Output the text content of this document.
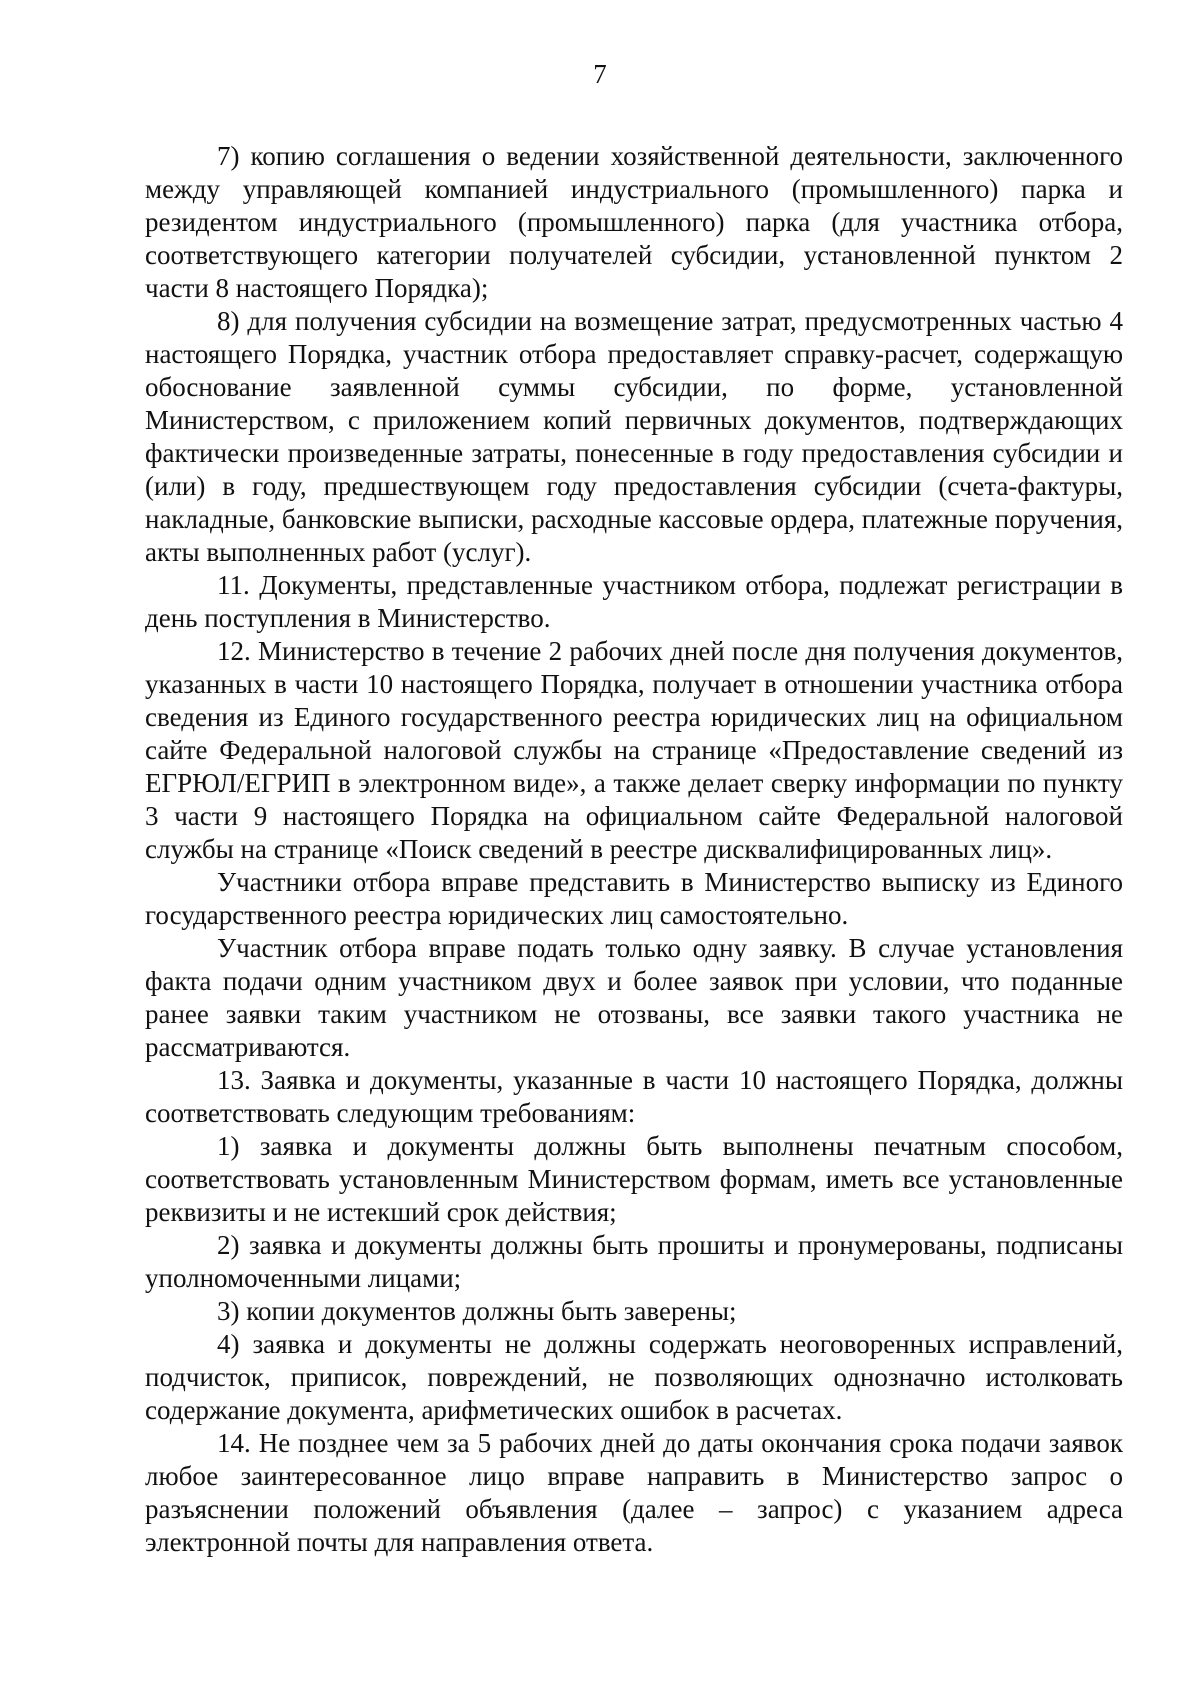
7

7) копию соглашения о ведении хозяйственной деятельности, заключенного между управляющей компанией индустриального (промышленного) парка и резидентом индустриального (промышленного) парка (для участника отбора, соответствующего категории получателей субсидии, установленной пунктом 2 части 8 настоящего Порядка);

8) для получения субсидии на возмещение затрат, предусмотренных частью 4 настоящего Порядка, участник отбора предоставляет справку-расчет, содержащую обоснование заявленной суммы субсидии, по форме, установленной Министерством, с приложением копий первичных документов, подтверждающих фактически произведенные затраты, понесенные в году предоставления субсидии и (или) в году, предшествующем году предоставления субсидии (счета-фактуры, накладные, банковские выписки, расходные кассовые ордера, платежные поручения, акты выполненных работ (услуг).

11. Документы, представленные участником отбора, подлежат регистрации в день поступления в Министерство.

12. Министерство в течение 2 рабочих дней после дня получения документов, указанных в части 10 настоящего Порядка, получает в отношении участника отбора сведения из Единого государственного реестра юридических лиц на официальном сайте Федеральной налоговой службы на странице «Предоставление сведений из ЕГРЮЛ/ЕГРИП в электронном виде», а также делает сверку информации по пункту 3 части 9 настоящего Порядка на официальном сайте Федеральной налоговой службы на странице «Поиск сведений в реестре дисквалифицированных лиц».

Участники отбора вправе представить в Министерство выписку из Единого государственного реестра юридических лиц самостоятельно.

Участник отбора вправе подать только одну заявку. В случае установления факта подачи одним участником двух и более заявок при условии, что поданные ранее заявки таким участником не отозваны, все заявки такого участника не рассматриваются.

13. Заявка и документы, указанные в части 10 настоящего Порядка, должны соответствовать следующим требованиям:

1) заявка и документы должны быть выполнены печатным способом, соответствовать установленным Министерством формам, иметь все установленные реквизиты и не истекший срок действия;

2) заявка и документы должны быть прошиты и пронумерованы, подписаны уполномоченными лицами;

3) копии документов должны быть заверены;

4) заявка и документы не должны содержать неоговоренных исправлений, подчисток, приписок, повреждений, не позволяющих однозначно истолковать содержание документа, арифметических ошибок в расчетах.

14. Не позднее чем за 5 рабочих дней до даты окончания срока подачи заявок любое заинтересованное лицо вправе направить в Министерство запрос о разъяснении положений объявления (далее – запрос) с указанием адреса электронной почты для направления ответа.
